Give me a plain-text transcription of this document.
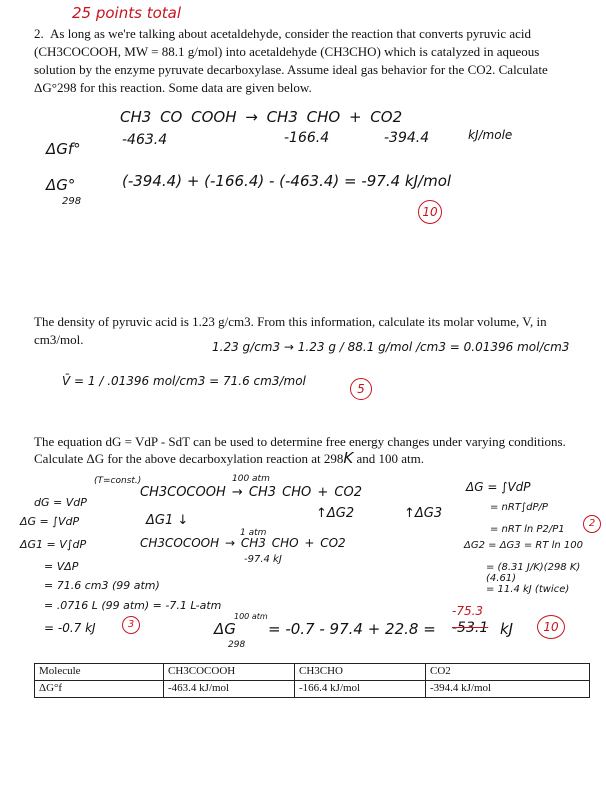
25 points total
2. As long as we're talking about acetaldehyde, consider the reaction that converts pyruvic acid (CH3COCOOH, MW = 88.1 g/mol) into acetaldehyde (CH3CHO) which is catalyzed in aqueous solution by the enzyme pyruvate decarboxylase. Assume ideal gas behavior for the CO2. Calculate ΔG°298 for this reaction. Some data are given below.
CH3 CO COOH → CH3 CHO + CO2
ΔGf°	-463.4	-166.4	-394.4	kJ/mole
ΔG°
298
(-394.4) + (-166.4) - (-463.4) = -97.4 kJ/mol
10
The density of pyruvic acid is 1.23 g/cm3. From this information, calculate its molar volume, V, in cm3/mol.	1.23 g/cm3 → 1.23 g / 88.1 g/mol /cm3 = 0.01396 mol/cm3
V̄ = 1 / .01396 mol/cm3 = 71.6 cm3/mol
5
The equation dG = VdP - SdT can be used to determine free energy changes under varying conditions. Calculate ΔG for the above decarboxylation reaction at 298K and 100 atm.
(T=const.)	100 atm
CH3COCOOH → CH3 CHO + CO2
ΔG1 ↓	↑ΔG2	↑ΔG3
CH3COCOOH → CH3 CHO + CO2
1 atm
-97.4 kJ
dG = VdP
ΔG = ∫VdP
ΔG1 = V∫dP
= VΔP
= 71.6 cm3 (99 atm)
= .0716 L (99 atm) = -7.1 L-atm
= -0.7 kJ	3
ΔG = ∫VdP
= nRT∫dP/P
= nRT ln P2/P1
2
ΔG2 = ΔG3 = RT ln 100
= (8.31 J/K)(298 K)(4.61)
= 11.4 kJ (twice)
ΔG
100 atm
298
= -0.7 - 97.4 + 22.8 =
-75.3
-53.1 kJ	10
Molecule	CH3COCOOH	CH3CHO	CO2
ΔG°f	-463.4 kJ/mol	-166.4 kJ/mol	-394.4 kJ/mol
